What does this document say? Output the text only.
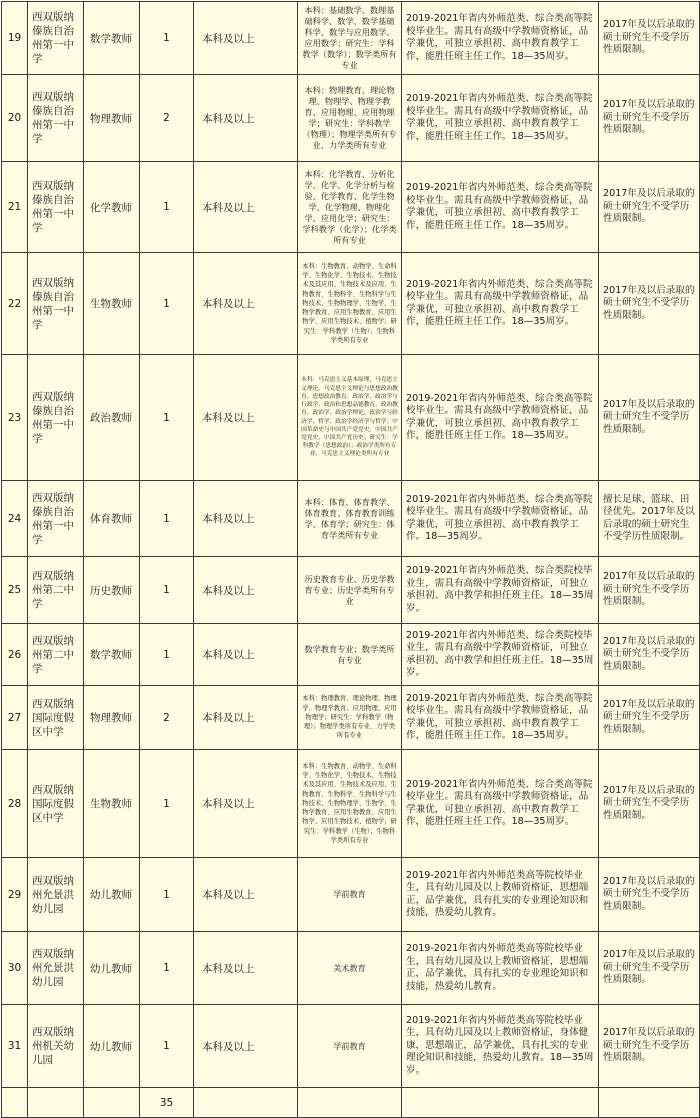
19	西双版纳傣族自治州第一中学	数学教师	1	本科及以上	本科：基础数学、数理基础科学、数学、数学基础科学、数学与应用数学、应用数学；研究生：学科教学（数学）；数学类所有专业	2019-2021年省内外师范类、综合类高等院校毕业生。需具有高级中学教师资格证，品学兼优，可独立承担初、高中教育教学工作，能胜任班主任工作。18—35周岁。	2017年及以后录取的硕士研究生不受学历性质限制。
20	西双版纳傣族自治州第一中学	物理教师	2	本科及以上	本科：物理教育、理论物理、物理学、物理学教育、应用物理、应用物理学；研究生：学科教学（物理）；物理学类所有专业、力学类所有专业	2019-2021年省内外师范类、综合类高等院校毕业生。需具有高级中学教师资格证，品学兼优，可独立承担初、高中教育教学工作，能胜任班主任工作。18—35周岁。	2017年及以后录取的硕士研究生不受学历性质限制。
21	西双版纳傣族自治州第一中学	化学教师	1	本科及以上	本科：化学教育、分析化学、化学、化学分析与检验、化学教育、化学生物学、化学物理、物理化学、应用化学；研究生：学科教学（化学）；化学类所有专业	2019-2021年省内外师范类、综合类高等院校毕业生。需具有高级中学教师资格证，品学兼优，可独立承担初、高中教育教学工作，能胜任班主任工作。18—35周岁。	2017年及以后录取的硕士研究生不受学历性质限制。
22	西双版纳傣族自治州第一中学	生物教师	1	本科及以上	本科：生物教育、动物学、生命科学、生物化学、生物技术、生物技术及其应用、生物技术及应用、生物教育、生物科学、生物科学与生物技术、生物物理学、生物学、生物学教育、应用生物教育、应用生物学、应用生物技术、植物学；研究生：学科教学（生物）；生物科学类所有专业	2019-2021年省内外师范类、综合类高等院校毕业生。需具有高级中学教师资格证，品学兼优，可独立承担初、高中教育教学工作，能胜任班主任工作。18—35周岁。	2017年及以后录取的硕士研究生不受学历性质限制。
23	西双版纳傣族自治州第一中学	政治教师	1	本科及以上	本科：马克思主义基本原理、马克思主义理论、马克思主义理论与思想政治教育、思想政治教育、政治学、政治学与行政学、政治和思想品德教育、政治教育、政治学、政治学理论、政治学与经济学、哲学、政治学经济学与哲学、中国革命史与中国共产党党史、中国共产党党史、中国共产党历史；研究生：学科教学（思想政治）；政治学类所有专业、马克思主义理论类所有专业	2019-2021年省内外师范类、综合类高等院校毕业生。需具有高级中学教师资格证，品学兼优，可独立承担初、高中教育教学工作，能胜任班主任工作。18—35周岁。	2017年及以后录取的硕士研究生不受学历性质限制。
24	西双版纳傣族自治州第一中学	体育教师	1	本科及以上	本科：体育、体育教学、体育教育、体育教育训练学、体育学；研究生：体育学类所有专业	2019-2021年省内外师范类、综合类高等院校毕业生。需具有高级中学教师资格证，品学兼优，可独立承担初、高中教育教学工作。18—35周岁。	擅长足球、篮球、田径优先。2017年及以后录取的硕士研究生不受学历性质限制。
25	西双版纳州第二中学	历史教师	1	本科及以上	历史教育专业、历史学教育专业；历史学类所有专业	2019-2021年省内外师范类、综合类院校毕业生，需具有高级中学教师资格证，可独立承担初、高中教学和担任班主任。18—35周岁。	2017年及以后录取的硕士研究生不受学历性质限制。
26	西双版纳州第二中学	数学教师	1	本科及以上	数学教育专业；数学类所有专业	2019-2021年省内外师范类、综合类院校毕业生，需具有高级中学教师资格证，可独立承担初、高中教学和担任班主任。18—35周岁。	2017年及以后录取的硕士研究生不受学历性质限制。
27	西双版纳国际度假区中学	物理教师	2	本科及以上	本科：物理教育、理论物理、物理学、物理学教育、应用物理、应用物理学；研究生：学科教学（物理）；物理学类所有专业、力学类所有专业	2019-2021年省内外师范类、综合类高等院校毕业生。需具有高级中学教师资格证，品学兼优，可独立承担初、高中教育教学工作，能胜任班主任工作。18—35周岁。	2017年及以后录取的硕士研究生不受学历性质限制。
28	西双版纳国际度假区中学	生物教师	1	本科及以上	本科：生物教育、动物学、生命科学、生物化学、生物技术、生物技术及其应用、生物技术及应用、生物教育、生物科学、生物科学与生物技术、生物物理学、生物学、生物学教育、应用生物教育、应用生物学、应用生物技术、植物学；研究生：学科教学（生物）；生物科学类所有专业	2019-2021年省内外师范类、综合类高等院校毕业生。需具有高级中学教师资格证，品学兼优，可独立承担初、高中教育教学工作，能胜任班主任工作。18—35周岁。	2017年及以后录取的硕士研究生不受学历性质限制。
29	西双版纳州允景洪幼儿园	幼儿教师	1	本科及以上	学前教育	2019-2021年省内外师范类高等院校毕业生，具有幼儿园及以上教师资格证，思想端正，品学兼优，具有扎实的专业理论知识和技能，热爱幼儿教育。	2017年及以后录取的硕士研究生不受学历性质限制。
30	西双版纳州允景洪幼儿园	幼儿教师	1	本科及以上	美术教育	2019-2021年省内外师范类高等院校毕业生，具有幼儿园及以上教师资格证，思想端正，品学兼优，具有扎实的专业理论知识和技能，热爱幼儿教育。	2017年及以后录取的硕士研究生不受学历性质限制。
31	西双版纳州机关幼儿园	幼儿教师	1	本科及以上	学前教育	2019-2021年省内外师范类高等院校毕业生，具有幼儿园及以上教师资格证，身体健康，思想端正，品学兼优，具有扎实的专业理论知识和技能，热爱幼儿教育。18—35周岁。	2017年及以后录取的硕士研究生不受学历性质限制。
			35				
